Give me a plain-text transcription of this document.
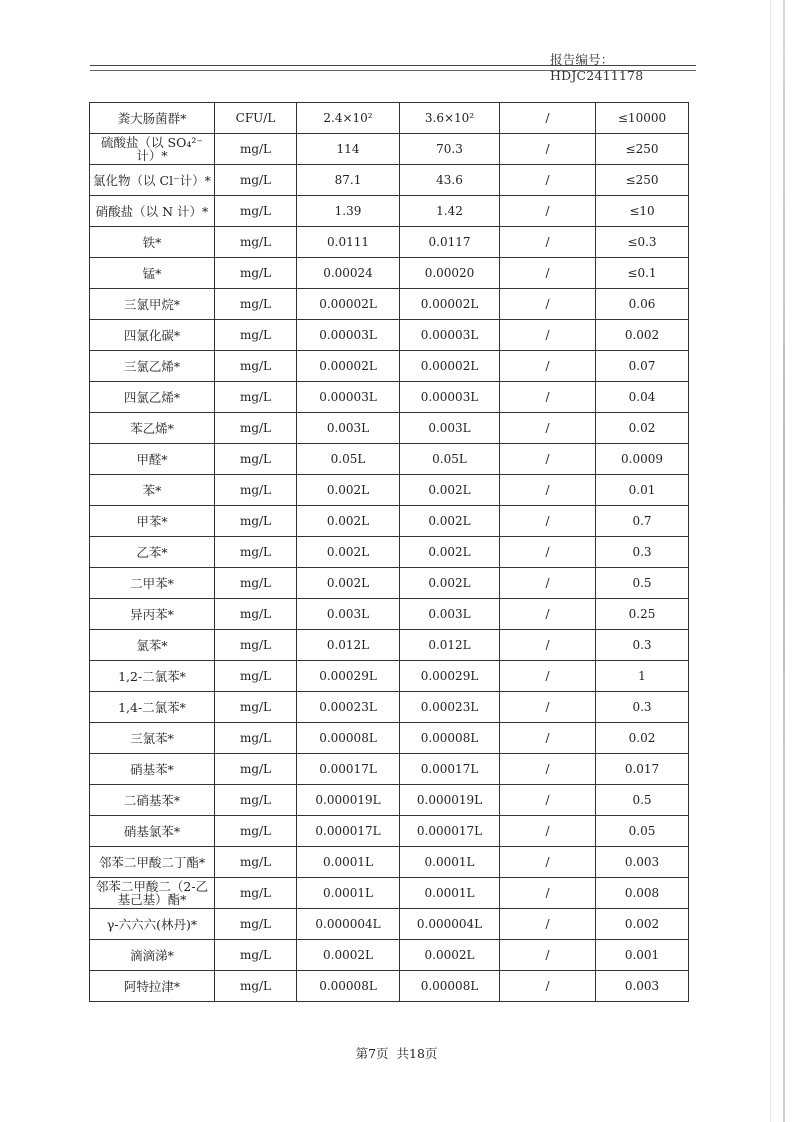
报告编号：HDJC2411178
粪大肠菌群*	CFU/L	2.4×10²	3.6×10²	/	≤10000
硫酸盐（以 SO₄²⁻ 计）*	mg/L	114	70.3	/	≤250
氯化物（以 Cl⁻计）*	mg/L	87.1	43.6	/	≤250
硝酸盐（以 N 计）*	mg/L	1.39	1.42	/	≤10
铁*	mg/L	0.0111	0.0117	/	≤0.3
锰*	mg/L	0.00024	0.00020	/	≤0.1
三氯甲烷*	mg/L	0.00002L	0.00002L	/	0.06
四氯化碳*	mg/L	0.00003L	0.00003L	/	0.002
三氯乙烯*	mg/L	0.00002L	0.00002L	/	0.07
四氯乙烯*	mg/L	0.00003L	0.00003L	/	0.04
苯乙烯*	mg/L	0.003L	0.003L	/	0.02
甲醛*	mg/L	0.05L	0.05L	/	0.0009
苯*	mg/L	0.002L	0.002L	/	0.01
甲苯*	mg/L	0.002L	0.002L	/	0.7
乙苯*	mg/L	0.002L	0.002L	/	0.3
二甲苯*	mg/L	0.002L	0.002L	/	0.5
异丙苯*	mg/L	0.003L	0.003L	/	0.25
氯苯*	mg/L	0.012L	0.012L	/	0.3
1,2-二氯苯*	mg/L	0.00029L	0.00029L	/	1
1,4-二氯苯*	mg/L	0.00023L	0.00023L	/	0.3
三氯苯*	mg/L	0.00008L	0.00008L	/	0.02
硝基苯*	mg/L	0.00017L	0.00017L	/	0.017
二硝基苯*	mg/L	0.000019L	0.000019L	/	0.5
硝基氯苯*	mg/L	0.000017L	0.000017L	/	0.05
邻苯二甲酸二丁酯*	mg/L	0.0001L	0.0001L	/	0.003
邻苯二甲酸二（2-乙基己基）酯*	mg/L	0.0001L	0.0001L	/	0.008
γ-六六六(林丹)*	mg/L	0.000004L	0.000004L	/	0.002
滴滴涕*	mg/L	0.0002L	0.0002L	/	0.001
阿特拉津*	mg/L	0.00008L	0.00008L	/	0.003
第7页 共18页
